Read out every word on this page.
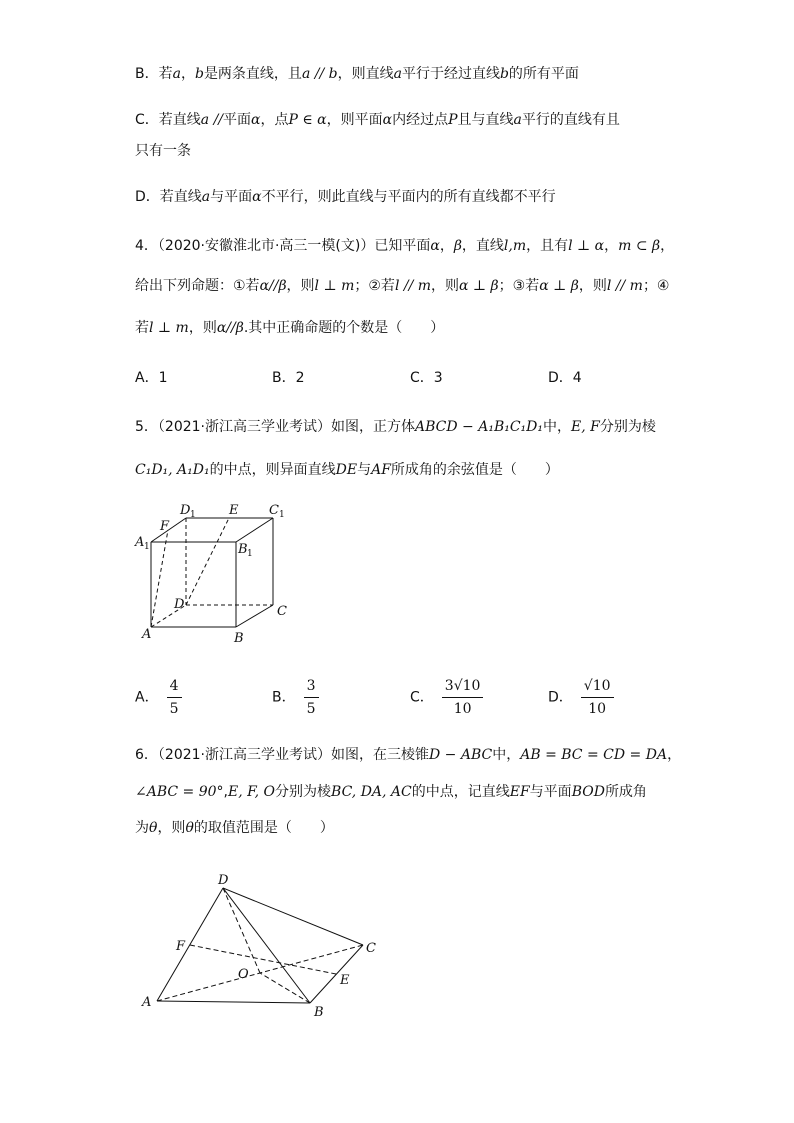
B．若a，b是两条直线，且a // b，则直线a平行于经过直线b的所有平面
C．若直线a //平面α，点P ∈ α，则平面α内经过点P且与直线a平行的直线有且
只有一条
D．若直线a与平面α不平行，则此直线与平面内的所有直线都不平行
4．（2020·安徽淮北市·高三一模(文)）已知平面α，β，直线l,m，且有l ⊥ α，m ⊂ β，
给出下列命题：①若α//β，则l ⊥ m；②若l // m，则α ⊥ β；③若α ⊥ β，则l // m；④
若l ⊥ m，则α//β.其中正确命题的个数是（　　）
A．1	B．2	C．3	D．4
5．（2021·浙江高三学业考试）如图，正方体ABCD − A₁B₁C₁D₁中，E, F分别为棱
C₁D₁, A₁D₁的中点，则异面直线DE与AF所成角的余弦值是（　　）
F
D 1	E C 1
A 1	B 1
D	C
A	B
A． $\frac{4}{5}$	B． $\frac{3}{5}$	C． $\frac{3√10}{10}$	D． $\frac{√10}{10}$
6．（2021·浙江高三学业考试）如图，在三棱锥D − ABC中，AB = BC = CD = DA，
∠ABC = 90°,E, F, O分别为棱BC, DA, AC的中点，记直线EF与平面BOD所成角
为θ，则θ的取值范围是（　　）
D
F	C
O	E
A
B
